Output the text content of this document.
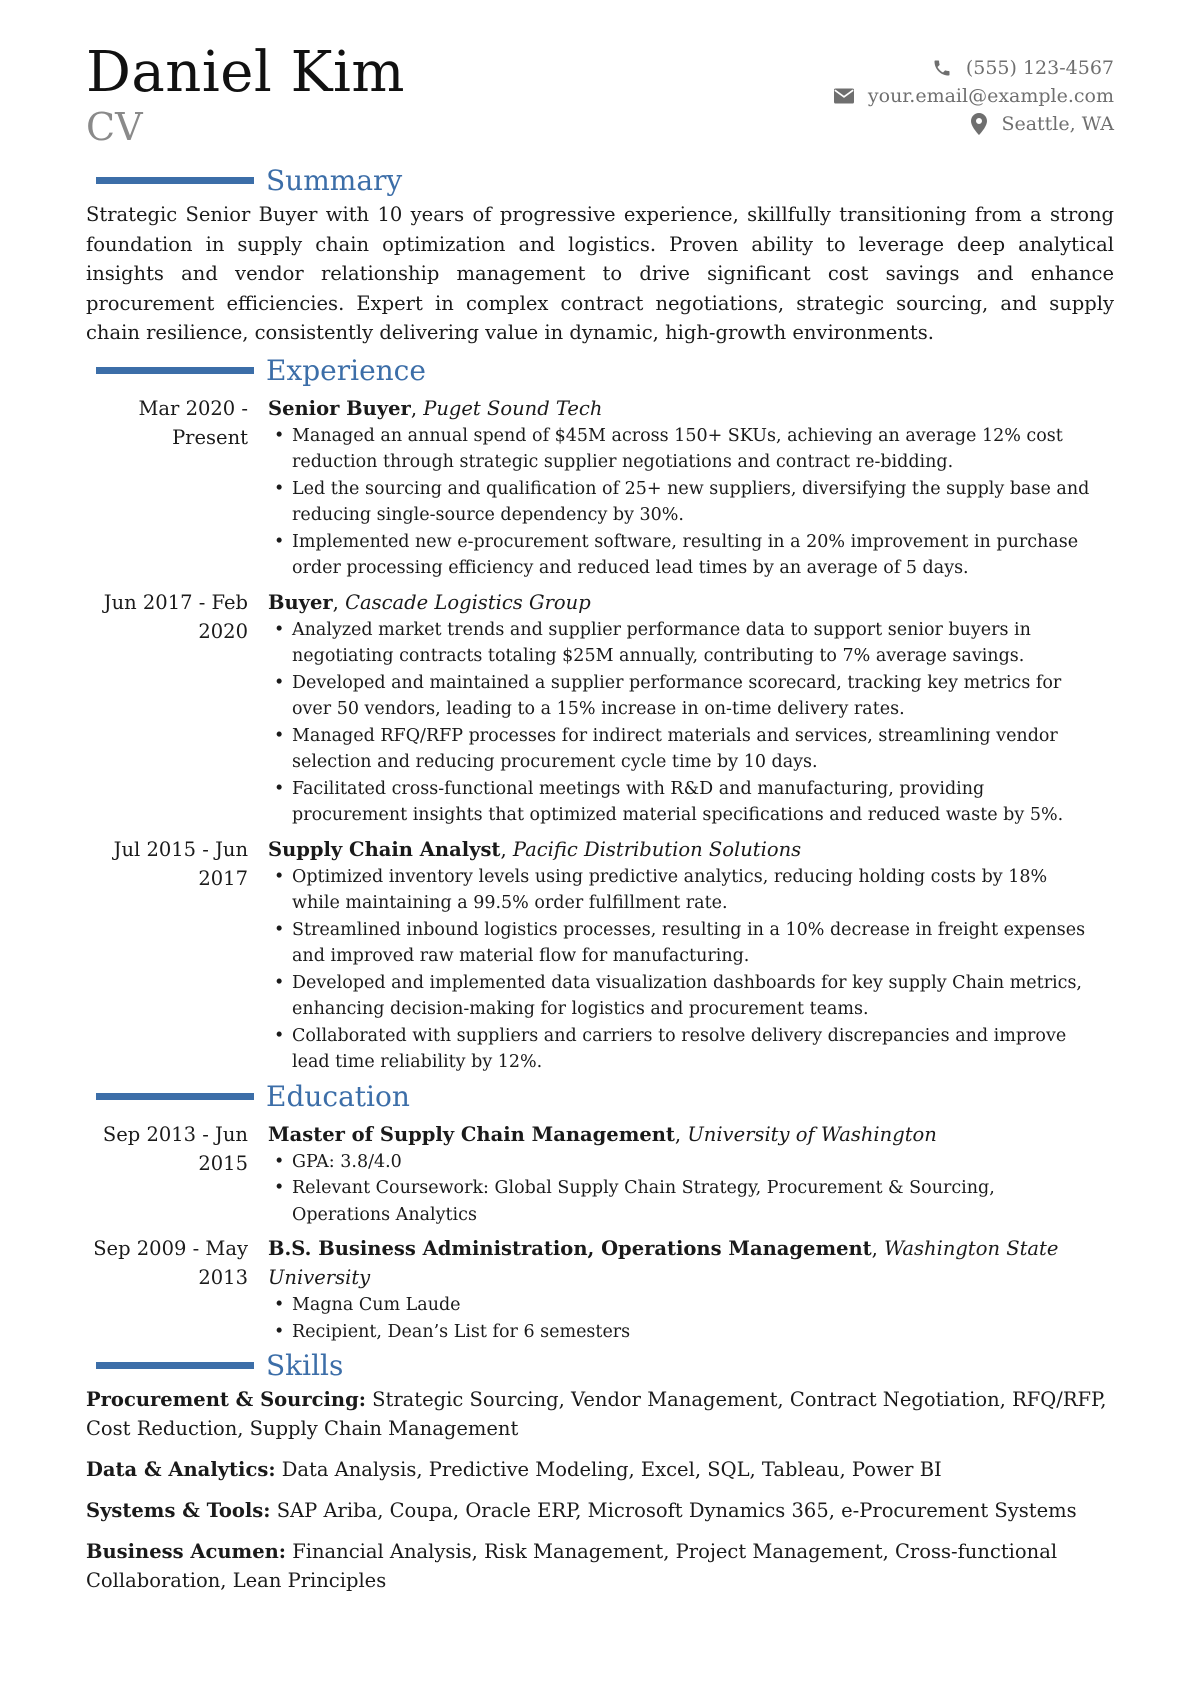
Daniel Kim
CV
(555) 123-4567
your.email@example.com
Seattle, WA
Summary

Strategic Senior Buyer with 10 years of progressive experience, skillfully transitioning from a strong foundation in supply chain optimization and logistics. Proven ability to leverage deep analytical insights and vendor relationship management to drive significant cost savings and enhance procurement efficiencies. Expert in complex contract negotiations, strategic sourcing, and supply chain resilience, consistently delivering value in dynamic, high-growth environments.

Experience
Mar 2020 - Present
Senior Buyer, Puget Sound Tech
• Managed an annual spend of $45M across 150+ SKUs, achieving an average 12% cost reduction through strategic supplier negotiations and contract re-bidding.
• Led the sourcing and qualification of 25+ new suppliers, diversifying the supply base and reducing single-source dependency by 30%.
• Implemented new e-procurement software, resulting in a 20% improvement in purchase order processing efficiency and reduced lead times by an average of 5 days.
Jun 2017 - Feb 2020
Buyer, Cascade Logistics Group
• Analyzed market trends and supplier performance data to support senior buyers in negotiating contracts totaling $25M annually, contributing to 7% average savings.
• Developed and maintained a supplier performance scorecard, tracking key metrics for over 50 vendors, leading to a 15% increase in on-time delivery rates.
• Managed RFQ/RFP processes for indirect materials and services, streamlining vendor selection and reducing procurement cycle time by 10 days.
• Facilitated cross-functional meetings with R&D and manufacturing, providing procurement insights that optimized material specifications and reduced waste by 5%.
Jul 2015 - Jun 2017
Supply Chain Analyst, Pacific Distribution Solutions
• Optimized inventory levels using predictive analytics, reducing holding costs by 18% while maintaining a 99.5% order fulfillment rate.
• Streamlined inbound logistics processes, resulting in a 10% decrease in freight expenses and improved raw material flow for manufacturing.
• Developed and implemented data visualization dashboards for key supply Chain metrics, enhancing decision-making for logistics and procurement teams.
• Collaborated with suppliers and carriers to resolve delivery discrepancies and improve lead time reliability by 12%.
Education
Sep 2013 - Jun 2015
Master of Supply Chain Management, University of Washington
• GPA: 3.8/4.0
• Relevant Coursework: Global Supply Chain Strategy, Procurement & Sourcing, Operations Analytics
Sep 2009 - May 2013
B.S. Business Administration, Operations Management, Washington State University
• Magna Cum Laude
• Recipient, Dean’s List for 6 semesters
Skills
Procurement & Sourcing: Strategic Sourcing, Vendor Management, Contract Negotiation, RFQ/RFP, Cost Reduction, Supply Chain Management
Data & Analytics: Data Analysis, Predictive Modeling, Excel, SQL, Tableau, Power BI
Systems & Tools: SAP Ariba, Coupa, Oracle ERP, Microsoft Dynamics 365, e-Procurement Systems
Business Acumen: Financial Analysis, Risk Management, Project Management, Cross-functional Collaboration, Lean Principles
